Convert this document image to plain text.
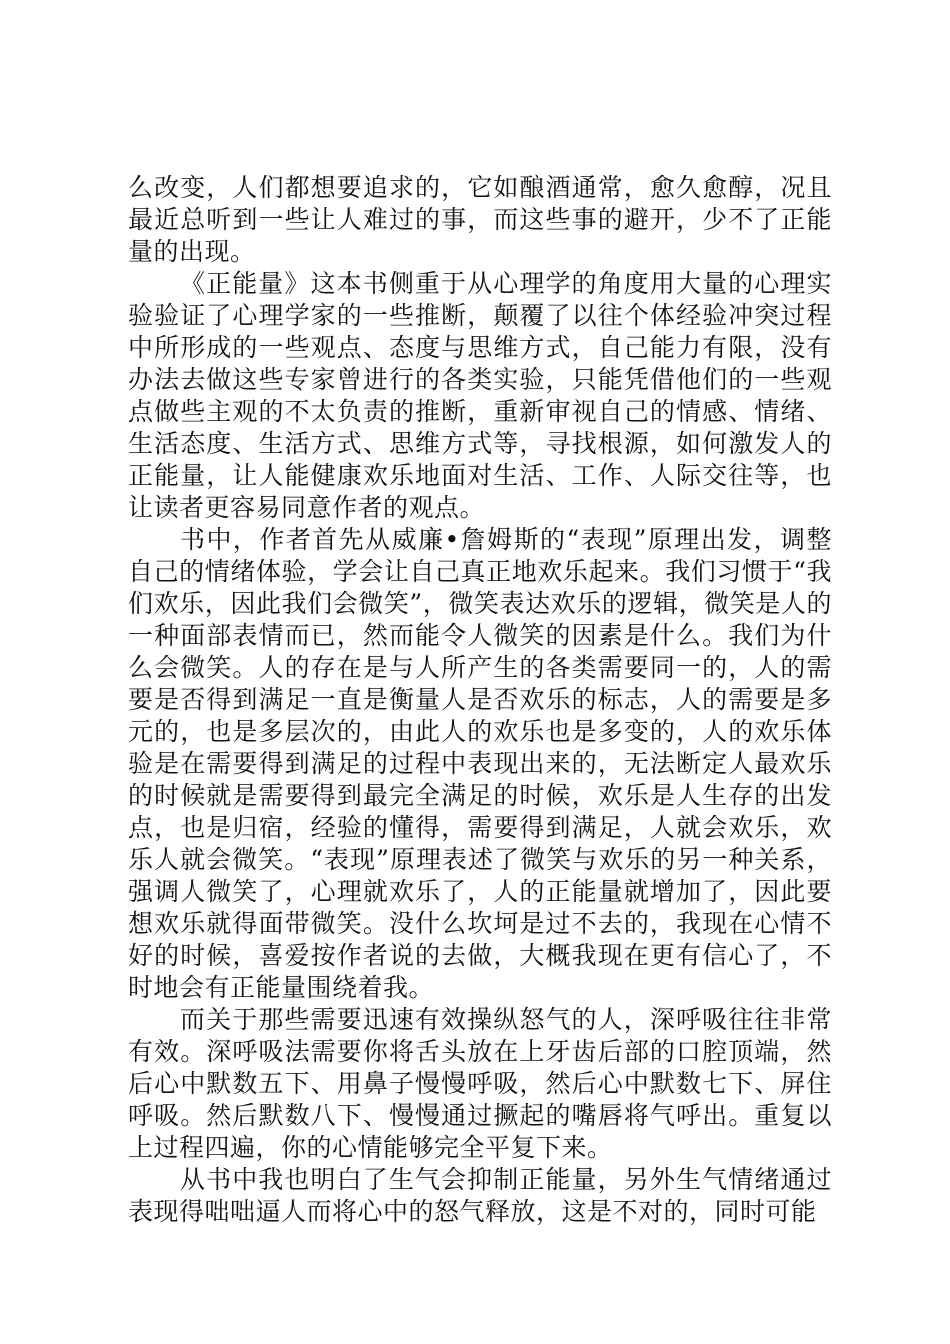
么改变，人们都想要追求的，它如酿酒通常，愈久愈醇，况且最近总听到一些让人难过的事，而这些事的避开，少不了正能量的出现。

《正能量》这本书侧重于从心理学的角度用大量的心理实验验证了心理学家的一些推断，颠覆了以往个体经验冲突过程中所形成的一些观点、态度与思维方式，自己能力有限，没有办法去做这些专家曾进行的各类实验，只能凭借他们的一些观点做些主观的不太负责的推断，重新审视自己的情感、情绪、生活态度、生活方式、思维方式等，寻找根源，如何激发人的正能量，让人能健康欢乐地面对生活、工作、人际交往等，也让读者更容易同意作者的观点。

书中，作者首先从威廉•詹姆斯的“表现”原理出发，调整自己的情绪体验，学会让自己真正地欢乐起来。我们习惯于“我们欢乐，因此我们会微笑”，微笑表达欢乐的逻辑，微笑是人的一种面部表情而已，然而能令人微笑的因素是什么。我们为什么会微笑。人的存在是与人所产生的各类需要同一的，人的需要是否得到满足一直是衡量人是否欢乐的标志，人的需要是多元的，也是多层次的，由此人的欢乐也是多变的，人的欢乐体验是在需要得到满足的过程中表现出来的，无法断定人最欢乐的时候就是需要得到最完全满足的时候，欢乐是人生存的出发点，也是归宿，经验的懂得，需要得到满足，人就会欢乐，欢乐人就会微笑。“表现”原理表述了微笑与欢乐的另一种关系，强调人微笑了，心理就欢乐了，人的正能量就增加了，因此要想欢乐就得面带微笑。没什么坎坷是过不去的，我现在心情不好的时候，喜爱按作者说的去做，大概我现在更有信心了，不时地会有正能量围绕着我。

而关于那些需要迅速有效操纵怒气的人，深呼吸往往非常有效。深呼吸法需要你将舌头放在上牙齿后部的口腔顶端，然后心中默数五下、用鼻子慢慢呼吸，然后心中默数七下、屏住呼吸。然后默数八下、慢慢通过撅起的嘴唇将气呼出。重复以上过程四遍，你的心情能够完全平复下来。

从书中我也明白了生气会抑制正能量，另外生气情绪通过表现得咄咄逼人而将心中的怒气释放，这是不对的，同时可能
